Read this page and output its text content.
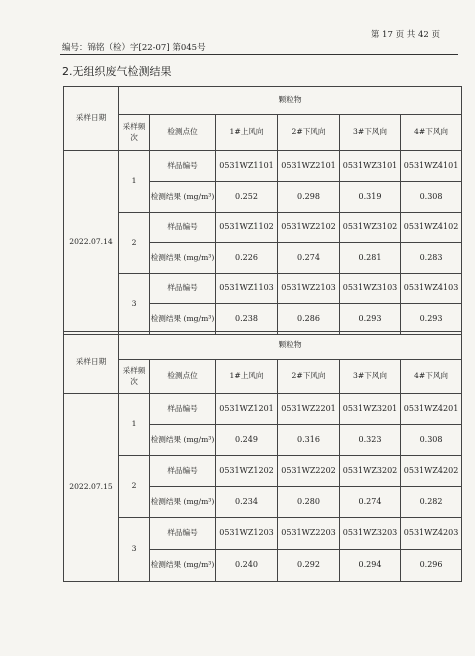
第 17 页 共 42 页
编号：锦铭（检）字[22-07] 第045号
2.无组织废气检测结果
采样日期	颗粒物					
	采样频次	检测点位	1#上风向	2#下风向	3#下风向	4#下风向
2022.07.14	1	样品编号	0531WZ1101	0531WZ2101	0531WZ3101	0531WZ4101
		检测结果 (mg/m³)	0.252	0.298	0.319	0.308
	2	样品编号	0531WZ1102	0531WZ2102	0531WZ3102	0531WZ4102
		检测结果 (mg/m³)	0.226	0.274	0.281	0.283
	3	样品编号	0531WZ1103	0531WZ2103	0531WZ3103	0531WZ4103
		检测结果 (mg/m³)	0.238	0.286	0.293	0.293
采样日期	颗粒物					
	采样频次	检测点位	1#上风向	2#下风向	3#下风向	4#下风向
2022.07.15	1	样品编号	0531WZ1201	0531WZ2201	0531WZ3201	0531WZ4201
		检测结果 (mg/m³)	0.249	0.316	0.323	0.308
	2	样品编号	0531WZ1202	0531WZ2202	0531WZ3202	0531WZ4202
		检测结果 (mg/m³)	0.234	0.280	0.274	0.282
	3	样品编号	0531WZ1203	0531WZ2203	0531WZ3203	0531WZ4203
		检测结果 (mg/m³)	0.240	0.292	0.294	0.296
